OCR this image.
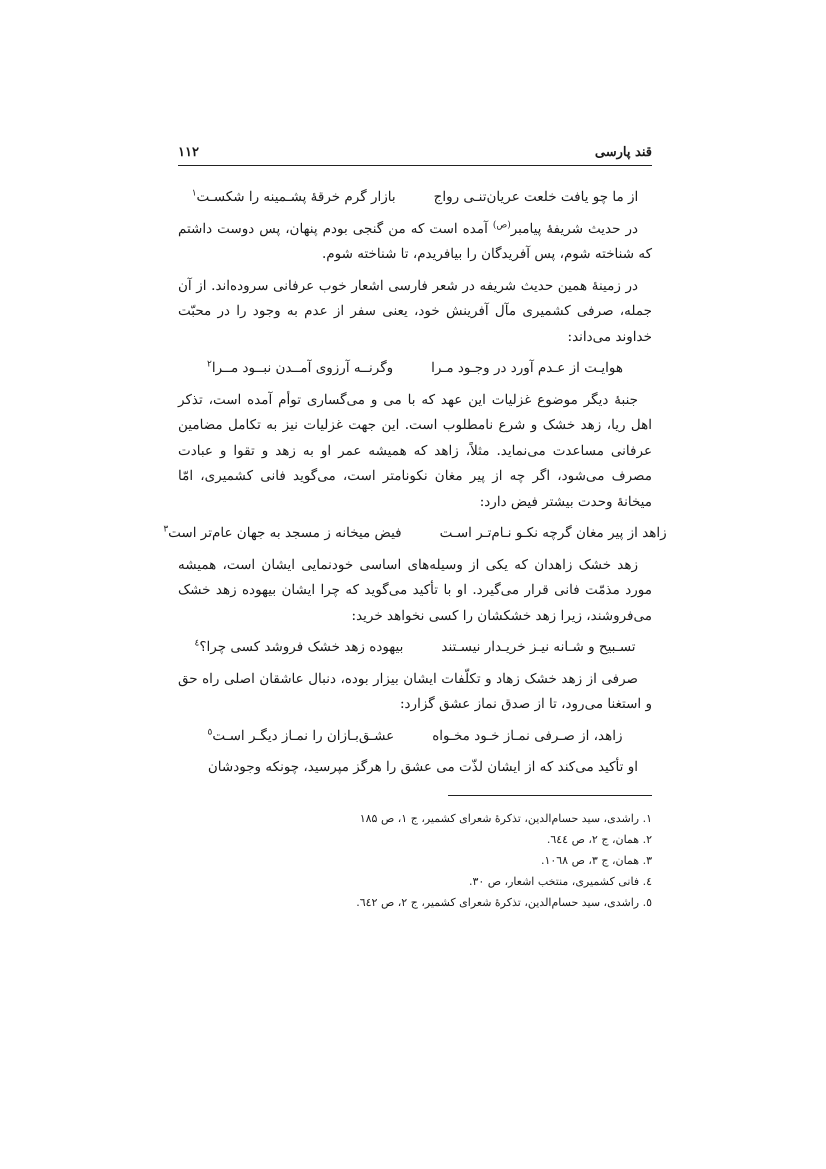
قند پارسی
۱۱۲
از ما چو یافت خلعت عریان‌تنـی رواج
بازار گرم خرقهٔ پشـمینه را شکسـت$^۱$

در حدیث شریفهٔ پیامبر$^{(ص)}$ آمده است که من گنجی بودم پنهان، پس دوست داشتم که شناخته شوم، پس آفریدگان را بیافریدم، تا شناخته شوم.

در زمینهٔ همین حدیث شریفه در شعر فارسی اشعار خوب عرفانی سروده‌اند. از آن جمله، صرفی کشمیری مآل آفرینش خود، یعنی سفر از عدم به وجود را در محبّت خداوند می‌داند:

هوایـت از عـدم آورد در وجـود مـرا
وگرنــه آرزوی آمــدن نبــود مــرا$^۲$

جنبهٔ دیگر موضوع غزلیات این عهد که با می و می‌گساری توأم آمده است، تذکر اهل ریا، زهد خشک و شرع نامطلوب است. این جهت غزلیات نیز به تکامل مضامین عرفانی مساعدت می‌نماید. مثلاً، زاهد که همیشه عمر او به زهد و تقوا و عبادت مصرف می‌شود، اگر چه از پیر مغان نکونامتر است، می‌گوید فانی کشمیری، امّا میخانهٔ وحدت بیشتر فیض دارد:

زاهد از پیر مغان گرچه نکـو نـام‌تـر اسـت
فیض میخانه ز مسجد به جهان عام‌تر است$^۳$

زهد خشک زاهدان که یکی از وسیله‌های اساسی خودنمایی ایشان است، همیشه مورد مذمّت فانی قرار می‌گیرد. او با تأکید می‌گوید که چرا ایشان بیهوده زهد خشک می‌فروشند، زیرا زهد خشکشان را کسی نخواهد خرید:

تسـبیح و شـانه نیـز خریـدار نیسـتند
بیهوده زهد خشک فروشد کسی چرا؟$^٤$

صرفی از زهد خشک زهاد و تکلّفات ایشان بیزار بوده، دنبال عاشقان اصلی راه حق و استغنا می‌رود، تا از صدق نماز عشق گزارد:

زاهد، از صـرفی نمـاز خـود مخـواه
عشـق‌بـازان را نمـاز دیگـر اسـت$^٥$

او تأکید می‌کند که از ایشان لذّت می عشق را هرگز مپرسید، چونکه وجودشان

۱. راشدی، سید حسام‌الدین، تذکرهٔ شعرای کشمیر، ج ۱، ص ۱۸۵

۲. همان، ج ۲، ص ٦٤٤.

۳. همان، ج ۳، ص ١٠٦٨.

٤. فانی کشمیری، منتخب اشعار، ص ۳۰.

٥. راشدی، سید حسام‌الدین، تذکرهٔ شعرای کشمیر، ج ۲، ص ٦٤٢.
